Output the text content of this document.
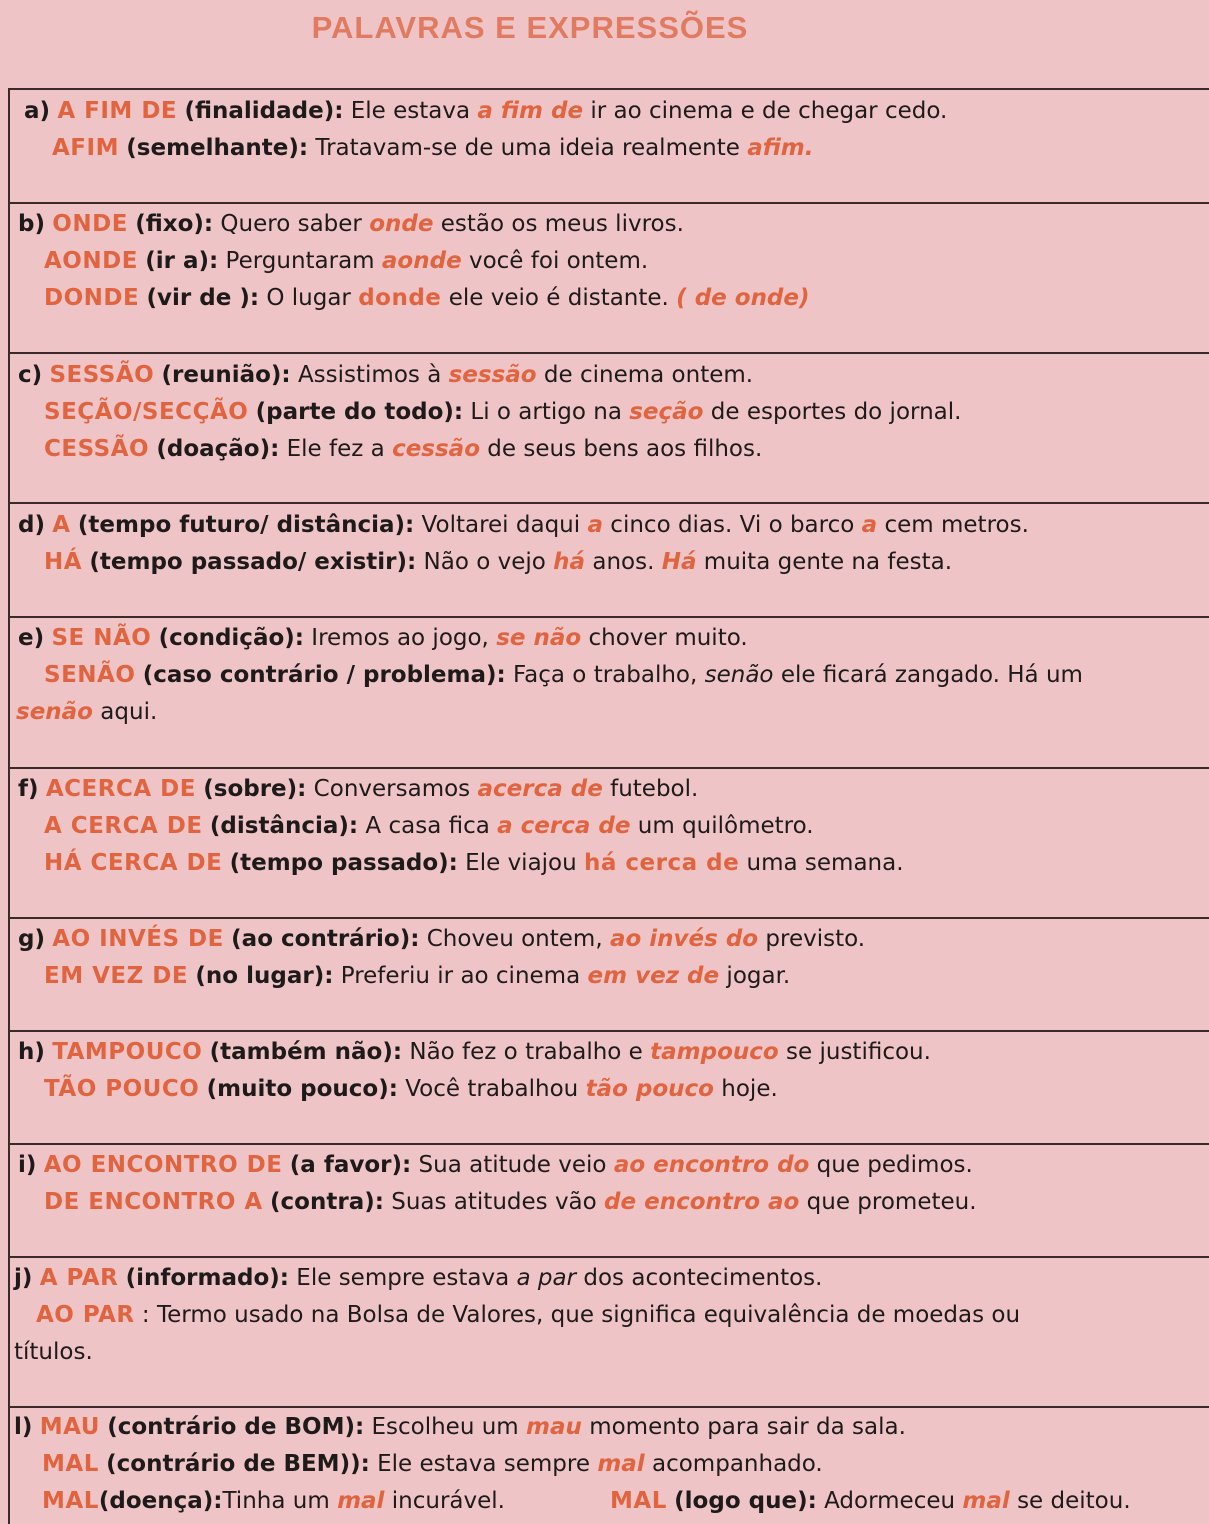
PALAVRAS E EXPRESSÕES
a) A FIM DE (finalidade): Ele estava a fim de ir ao cinema e de chegar cedo.
AFIM (semelhante): Tratavam-se de uma ideia realmente afim.
b) ONDE (fixo): Quero saber onde estão os meus livros.
AONDE (ir a): Perguntaram aonde você foi ontem.
DONDE (vir de ): O lugar donde ele veio é distante. ( de onde)
c) SESSÃO (reunião): Assistimos à sessão de cinema ontem.
SEÇÃO/SECÇÃO (parte do todo): Li o artigo na seção de esportes do jornal.
CESSÃO (doação): Ele fez a cessão de seus bens aos filhos.
d) A (tempo futuro/ distância): Voltarei daqui a cinco dias. Vi o barco a cem metros.
HÁ (tempo passado/ existir): Não o vejo há anos. Há muita gente na festa.
e) SE NÃO (condição): Iremos ao jogo, se não chover muito.
SENÃO (caso contrário / problema): Faça o trabalho, senão ele ficará zangado. Há um
senão aqui.
f) ACERCA DE (sobre): Conversamos acerca de futebol.
A CERCA DE (distância): A casa fica a cerca de um quilômetro.
HÁ CERCA DE (tempo passado): Ele viajou há cerca de uma semana.
g) AO INVÉS DE (ao contrário): Choveu ontem, ao invés do previsto.
EM VEZ DE (no lugar): Preferiu ir ao cinema em vez de jogar.
h) TAMPOUCO (também não): Não fez o trabalho e tampouco se justificou.
TÃO POUCO (muito pouco): Você trabalhou tão pouco hoje.
i) AO ENCONTRO DE (a favor): Sua atitude veio ao encontro do que pedimos.
DE ENCONTRO A (contra): Suas atitudes vão de encontro ao que prometeu.
j) A PAR (informado): Ele sempre estava a par dos acontecimentos.
AO PAR : Termo usado na Bolsa de Valores, que significa equivalência de moedas ou
títulos.
l) MAU (contrário de BOM): Escolheu um mau momento para sair da sala.
MAL (contrário de BEM)): Ele estava sempre mal acompanhado.
MAL(doença):Tinha um mal incurável.	MAL (logo que): Adormeceu mal se deitou.
